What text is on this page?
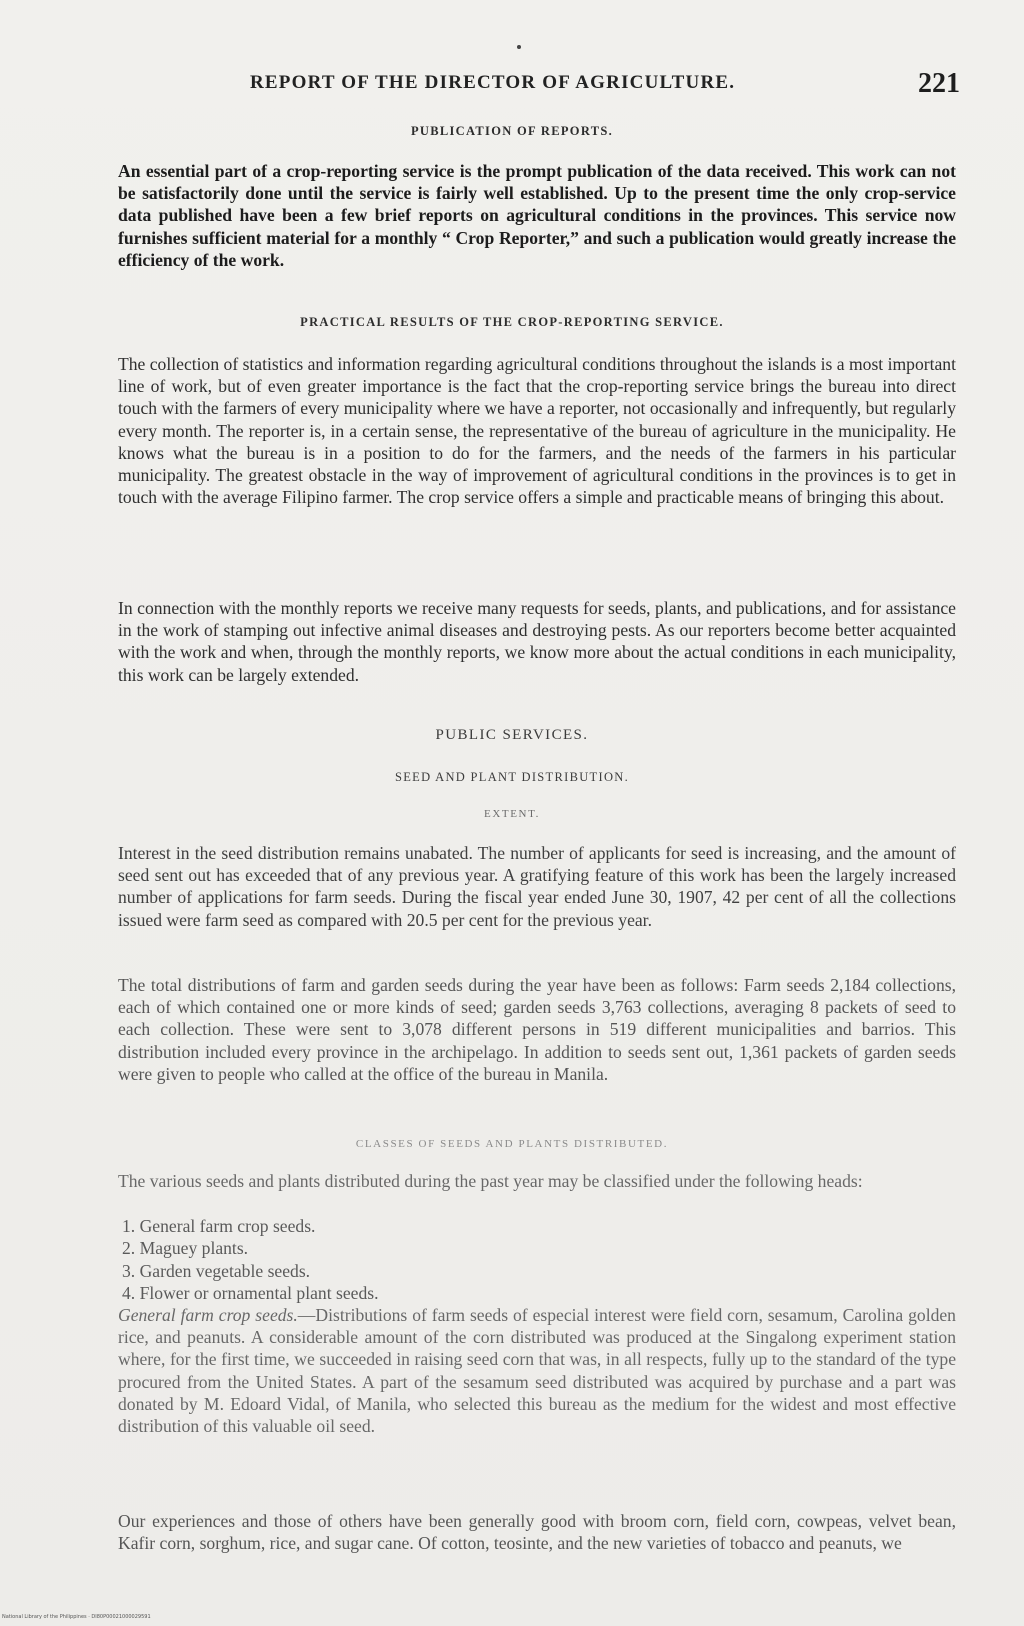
REPORT OF THE DIRECTOR OF AGRICULTURE.	221
PUBLICATION OF REPORTS.

An essential part of a crop-reporting service is the prompt publication of the data received. This work can not be satisfactorily done until the service is fairly well established. Up to the present time the only crop-service data published have been a few brief reports on agricultural conditions in the provinces. This service now furnishes sufficient material for a monthly “ Crop Reporter,” and such a publication would greatly increase the efficiency of the work.

PRACTICAL RESULTS OF THE CROP-REPORTING SERVICE.

The collection of statistics and information regarding agricultural conditions throughout the islands is a most important line of work, but of even greater importance is the fact that the crop-reporting service brings the bureau into direct touch with the farmers of every municipality where we have a reporter, not occasionally and infrequently, but regularly every month. The reporter is, in a certain sense, the representative of the bureau of agriculture in the municipality. He knows what the bureau is in a position to do for the farmers, and the needs of the farmers in his particular municipality. The greatest obstacle in the way of improvement of agricultural conditions in the provinces is to get in touch with the average Filipino farmer. The crop service offers a simple and practicable means of bringing this about.

In connection with the monthly reports we receive many requests for seeds, plants, and publications, and for assistance in the work of stamping out infective animal diseases and destroying pests. As our reporters become better acquainted with the work and when, through the monthly reports, we know more about the actual conditions in each municipality, this work can be largely extended.

PUBLIC SERVICES.
SEED AND PLANT DISTRIBUTION.
EXTENT.

Interest in the seed distribution remains unabated. The number of applicants for seed is increasing, and the amount of seed sent out has exceeded that of any previous year. A gratifying feature of this work has been the largely increased number of applications for farm seeds. During the fiscal year ended June 30, 1907, 42 per cent of all the collections issued were farm seed as compared with 20.5 per cent for the previous year.

The total distributions of farm and garden seeds during the year have been as follows: Farm seeds 2,184 collections, each of which contained one or more kinds of seed; garden seeds 3,763 collections, averaging 8 packets of seed to each collection. These were sent to 3,078 different persons in 519 different municipalities and barrios. This distribution included every province in the archipelago. In addition to seeds sent out, 1,361 packets of garden seeds were given to people who called at the office of the bureau in Manila.

CLASSES OF SEEDS AND PLANTS DISTRIBUTED.

The various seeds and plants distributed during the past year may be classified under the following heads:

1. General farm crop seeds.
2. Maguey plants.
3. Garden vegetable seeds.
4. Flower or ornamental plant seeds.

General farm crop seeds.—Distributions of farm seeds of especial interest were field corn, sesamum, Carolina golden rice, and peanuts. A considerable amount of the corn distributed was produced at the Singalong experiment station where, for the first time, we succeeded in raising seed corn that was, in all respects, fully up to the standard of the type procured from the United States. A part of the sesamum seed distributed was acquired by purchase and a part was donated by M. Edoard Vidal, of Manila, who selected this bureau as the medium for the widest and most effective distribution of this valuable oil seed.

Our experiences and those of others have been generally good with broom corn, field corn, cowpeas, velvet bean, Kafir corn, sorghum, rice, and sugar cane. Of cotton, teosinte, and the new varieties of tobacco and peanuts, we

National Library of the Philippines · DI80P00021000029591
